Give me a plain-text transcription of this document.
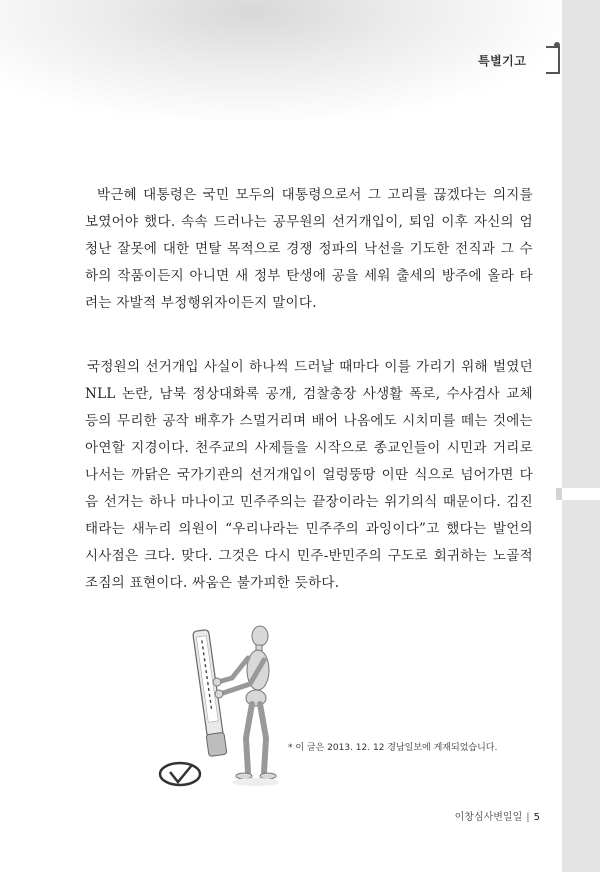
특별기고

박근혜 대통령은 국민 모두의 대통령으로서 그 고리를 끊겠다는 의지를 보였어야 했다. 속속 드러나는 공무원의 선거개입이, 퇴임 이후 자신의 엄청난 잘못에 대한 면탈 목적으로 경쟁 정파의 낙선을 기도한 전직과 그 수하의 작품이든지 아니면 새 정부 탄생에 공을 세워 출세의 방주에 올라 타려는 자발적 부정행위자이든지 말이다.

국정원의 선거개입 사실이 하나씩 드러날 때마다 이를 가리기 위해 벌였던 NLL 논란, 남북 정상대화록 공개, 검찰총장 사생활 폭로, 수사검사 교체 등의 무리한 공작 배후가 스멀거리며 배어 나옴에도 시치미를 떼는 것에는 아연할 지경이다. 천주교의 사제들을 시작으로 종교인들이 시민과 거리로 나서는 까닭은 국가기관의 선거개입이 얼렁뚱땅 이딴 식으로 넘어가면 다음 선거는 하나 마나이고 민주주의는 끝장이라는 위기의식 때문이다. 김진태라는 새누리 의원이 “우리나라는 민주주의 과잉이다”고 했다는 발언의 시사점은 크다. 맞다. 그것은 다시 민주-반민주의 구도로 회귀하는 노골적 조짐의 표현이다. 싸움은 불가피한 듯하다.

* 이 글은 2013. 12. 12 경남일보에 게재되었습니다.
이창심사변일일 | 5
